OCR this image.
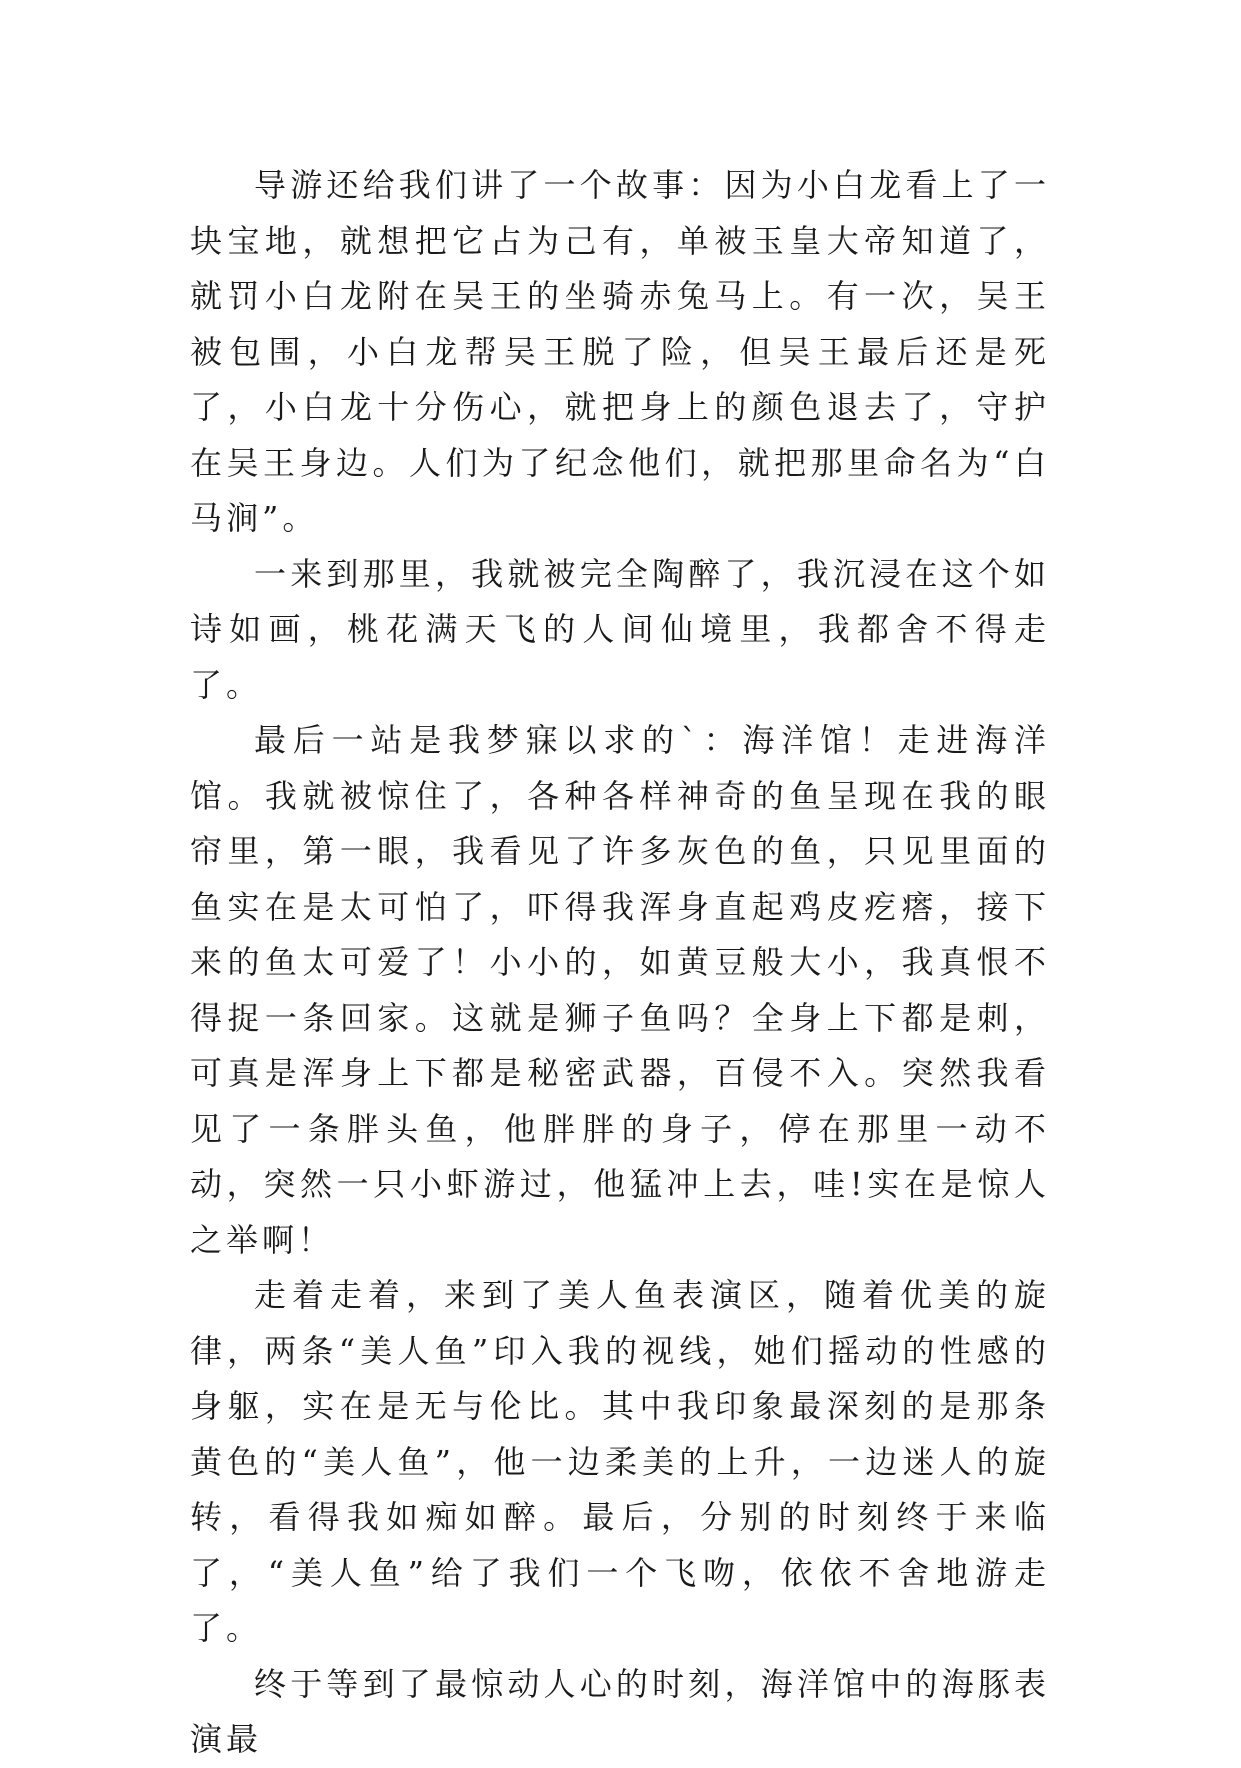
导游还给我们讲了一个故事：因为小白龙看上了一块宝地，就想把它占为己有，单被玉皇大帝知道了，就罚小白龙附在吴王的坐骑赤兔马上。有一次，吴王被包围，小白龙帮吴王脱了险，但吴王最后还是死了，小白龙十分伤心，就把身上的颜色退去了，守护在吴王身边。人们为了纪念他们，就把那里命名为“白马涧”。

一来到那里，我就被完全陶醉了，我沉浸在这个如诗如画，桃花满天飞的人间仙境里，我都舍不得走了。

最后一站是我梦寐以求的`：海洋馆！走进海洋馆。我就被惊住了，各种各样神奇的鱼呈现在我的眼帘里，第一眼，我看见了许多灰色的鱼，只见里面的鱼实在是太可怕了，吓得我浑身直起鸡皮疙瘩，接下来的鱼太可爱了！小小的，如黄豆般大小，我真恨不得捉一条回家。这就是狮子鱼吗？全身上下都是刺，可真是浑身上下都是秘密武器，百侵不入。突然我看见了一条胖头鱼，他胖胖的身子，停在那里一动不动，突然一只小虾游过，他猛冲上去，哇!实在是惊人之举啊！

走着走着，来到了美人鱼表演区，随着优美的旋律，两条“美人鱼”印入我的视线，她们摇动的性感的身躯，实在是无与伦比。其中我印象最深刻的是那条黄色的“美人鱼”，他一边柔美的上升，一边迷人的旋转，看得我如痴如醉。最后，分别的时刻终于来临了，“美人鱼”给了我们一个飞吻，依依不舍地游走了。

终于等到了最惊动人心的时刻，海洋馆中的海豚表演最
